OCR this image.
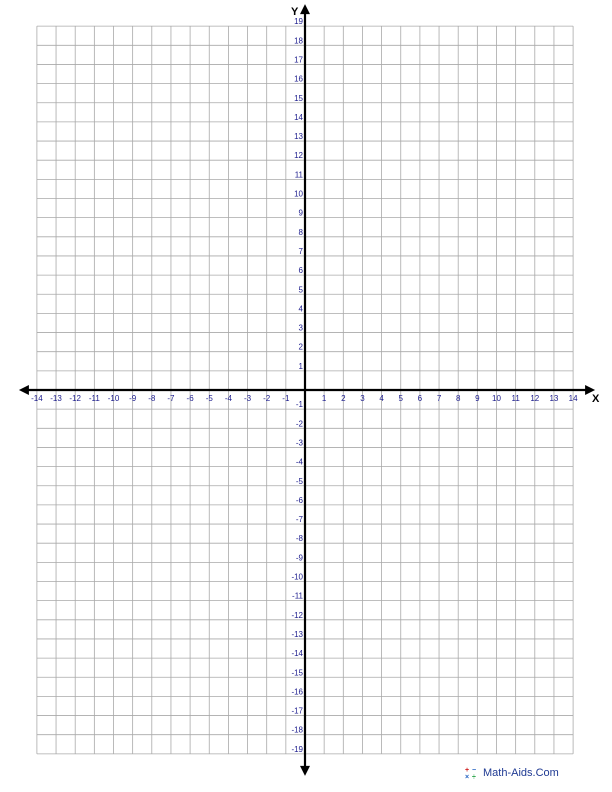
-14 -13 -12 -11 -10 -9 -8 -7 -6 -5 -4 -3 -2 -1	1 2 3 4 5 6 7 8 9 10 11 12 13 14
1
2
3
4
5
6
7
8
9
10
11
12
13
14
15
16
17
18
19
-1
-2
-3
-4
-5
-6
-7
-8
-9
-10
-11
-12
-13
-14
-15
-16
-17
-18
-19
X
Y
+ −
× ÷ Math-Aids.Com
